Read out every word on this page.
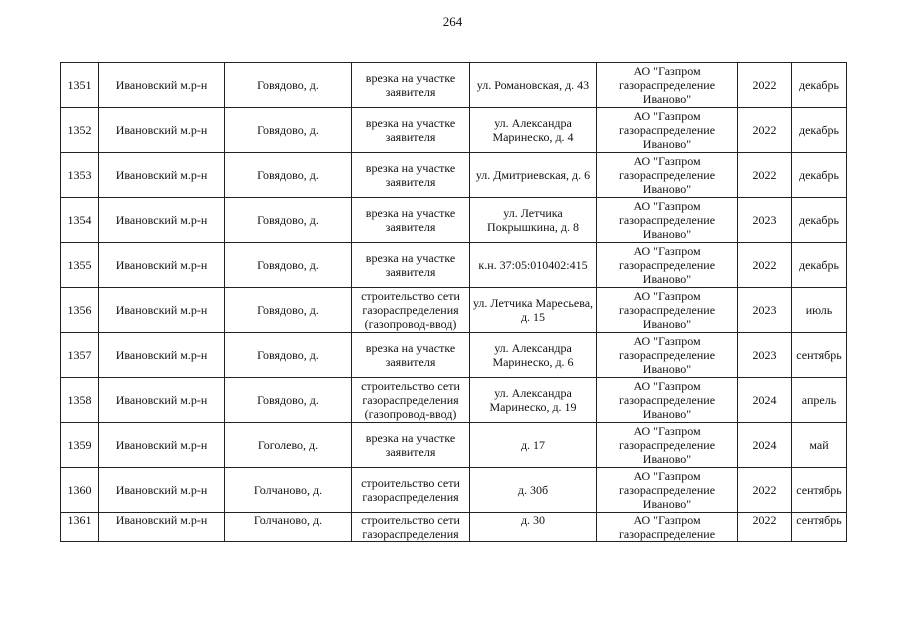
264
1351	Ивановский м.р-н	Говядово, д.	врезка на участке заявителя	ул. Романовская, д. 43	АО "Газпром газораспределение Иваново"	2022	декабрь

1352	Ивановский м.р-н	Говядово, д.	врезка на участке заявителя	ул. Александра Маринеско, д. 4	АО "Газпром газораспределение Иваново"	2022	декабрь

1353	Ивановский м.р-н	Говядово, д.	врезка на участке заявителя	ул. Дмитриевская, д. 6	АО "Газпром газораспределение Иваново"	2022	декабрь

1354	Ивановский м.р-н	Говядово, д.	врезка на участке заявителя	ул. Летчика Покрышкина, д. 8	АО "Газпром газораспределение Иваново"	2023	декабрь

1355	Ивановский м.р-н	Говядово, д.	врезка на участке заявителя	к.н. 37:05:010402:415	АО "Газпром газораспределение Иваново"	2022	декабрь

1356	Ивановский м.р-н	Говядово, д.	строительство сети газораспределения (газопровод-ввод)	ул. Летчика Маресьева, д. 15	АО "Газпром газораспределение Иваново"	2023	июль

1357	Ивановский м.р-н	Говядово, д.	врезка на участке заявителя	ул. Александра Маринеско, д. 6	АО "Газпром газораспределение Иваново"	2023	сентябрь

1358	Ивановский м.р-н	Говядово, д.	строительство сети газораспределения (газопровод-ввод)	ул. Александра Маринеско, д. 19	АО "Газпром газораспределение Иваново"	2024	апрель

1359	Ивановский м.р-н	Гоголево, д.	врезка на участке заявителя	д. 17	АО "Газпром газораспределение Иваново"	2024	май

1360	Ивановский м.р-н	Голчаново, д.	строительство сети газораспределения	д. 30б	АО "Газпром газораспределение Иваново"	2022	сентябрь

1361	Ивановский м.р-н	Голчаново, д.	строительство сети газораспределения	д. 30	АО "Газпром газораспределение	2022	сентябрь
